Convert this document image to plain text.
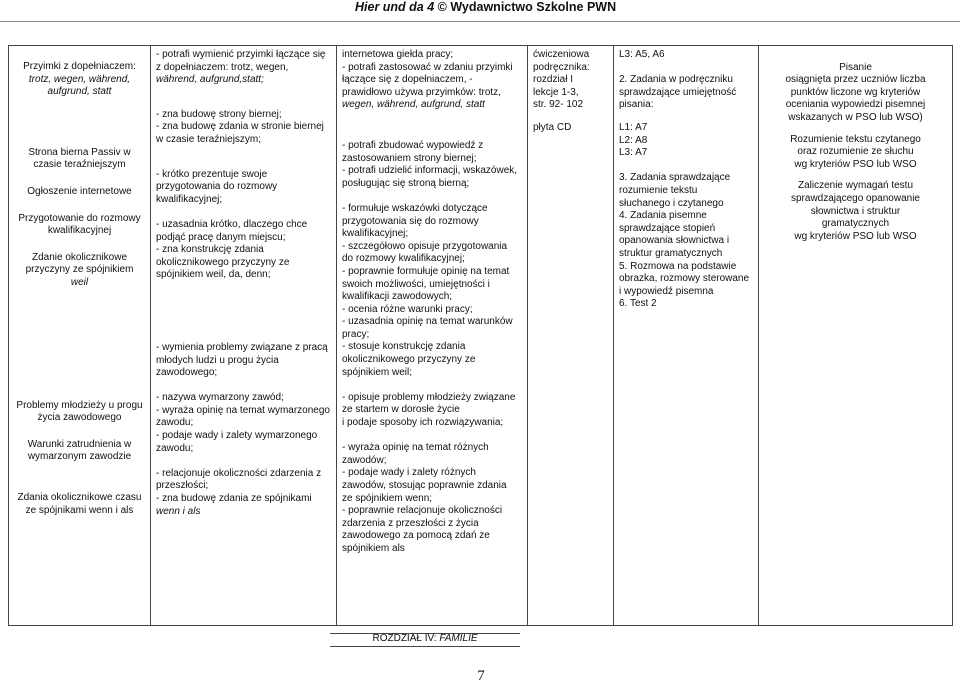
Hier und da 4 © Wydawnictwo Szkolne PWN
Przyimki z dopełniaczem:
trotz, wegen, während,
aufgrund, statt
Strona bierna Passiv w
czasie teraźniejszym
Ogłoszenie internetowe
Przygotowanie do rozmowy
kwalifikacyjnej
Zdanie okolicznikowe
przyczyny ze spójnikiem
weil
Problemy młodzieży u progu
życia zawodowego
Warunki zatrudnienia w
wymarzonym zawodzie
Zdania okolicznikowe czasu
ze spójnikami wenn i als

- potrafi wymienić przyimki łączące się
z dopełniaczem: trotz, wegen,
während, aufgrund,statt;
- zna budowę strony biernej;
- zna budowę zdania w stronie biernej
w czasie teraźniejszym;
- krótko prezentuje swoje
przygotowania do rozmowy
kwalifikacyjnej;
- uzasadnia krótko, dlaczego chce
podjąć pracę danym miejscu;
- zna konstrukcję zdania
okolicznikowego przyczyny ze
spójnikiem weil, da, denn;
- wymienia problemy związane z pracą
młodych ludzi u progu życia
zawodowego;
- nazywa wymarzony zawód;
- wyraża opinię na temat wymarzonego
zawodu;
- podaje wady i zalety wymarzonego
zawodu;
- relacjonuje okoliczności zdarzenia z
przeszłości;
- zna budowę zdania ze spójnikami
wenn i als

internetowa giełda pracy;
- potrafi zastosować w zdaniu przyimki
łączące się z dopełniaczem, -
prawidłowo używa przyimków: trotz,
wegen, während, aufgrund, statt
- potrafi zbudować wypowiedź z
zastosowaniem strony biernej;
- potrafi udzielić informacji, wskazówek,
posługując się stroną bierną;
- formułuje wskazówki dotyczące
przygotowania się do rozmowy
kwalifikacyjnej;
- szczegółowo opisuje przygotowania
do rozmowy kwalifikacyjnej;
- poprawnie formułuje opinię na temat
swoich możliwości, umiejętności i
kwalifikacji zawodowych;
- ocenia różne warunki pracy;
- uzasadnia opinię na temat warunków
pracy;
- stosuje konstrukcję zdania
okolicznikowego przyczyny ze
spójnikiem weil;
- opisuje problemy młodzieży związane
ze startem w dorosłe życie
i podaje sposoby ich rozwiązywania;
- wyraża opinię na temat różnych
zawodów;
- podaje wady i zalety różnych
zawodów, stosując poprawnie zdania
ze spójnikiem wenn;
- poprawnie relacjonuje okoliczności
zdarzenia z przeszłości z życia
zawodowego za pomocą zdań ze
spójnikiem als

ćwiczeniowa
podręcznika:
rozdział I
lekcje 1-3,
str. 92- 102
płyta CD

L3: A5, A6
2. Zadania w podręczniku
sprawdzające umiejętność
pisania:
L1: A7
L2: A8
L3: A7
3. Zadania sprawdzające
rozumienie tekstu
słuchanego i czytanego
4. Zadania pisemne
sprawdzające stopień
opanowania słownictwa i
struktur gramatycznych
5. Rozmowa na podstawie
obrazka, rozmowy sterowane
i wypowiedź pisemna
6. Test 2

Pisanie
osiągnięta przez uczniów liczba
punktów liczone wg kryteriów
oceniania wypowiedzi pisemnej
wskazanych w PSO lub WSO)
Rozumienie tekstu czytanego
oraz rozumienie ze słuchu
wg kryteriów PSO lub WSO
Zaliczenie wymagań testu
sprawdzającego opanowanie
słownictwa i struktur
gramatycznych
wg kryteriów PSO lub WSO
ROZDZIAŁ IV: FAMILIE
7
